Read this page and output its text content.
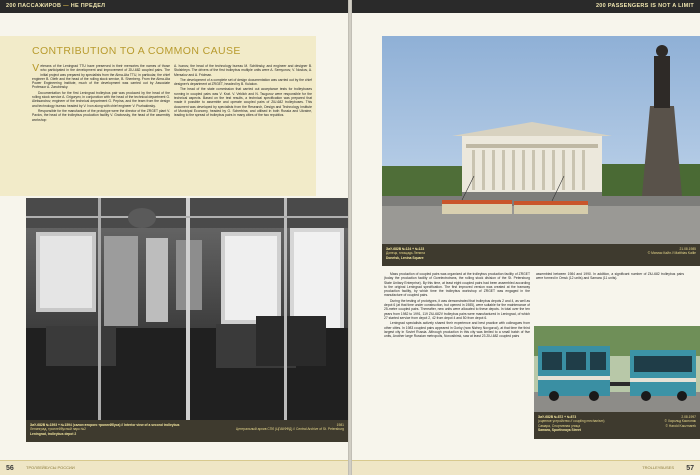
200 ПАССАЖИРОВ — НЕ ПРЕДЕЛ
CONTRIBUTION TO A COMMON CAUSE

Veterans of the Leningrad TTU have preserved in their memories the names of those who participated in the development and improvement of ZiU-682 coupled pairs. The initial project was prepared by specialists from the Alma-Ata TTU, in particular, the chief engineer B. Olefir and the head of the rolling stock service, B. Shenberg. From the Alma-Ata Power Engineering Institute, much of the development was carried out by Associate Professor A. Zarubinsky.

Documentation for the first Leningrad trolleybus pair was produced by the head of the rolling stock service A. Grigoryev, in conjunction with the head of the technical department G. Aleksandrov, engineer of the technical department G. Pepina, and the team from the design and technology bureau headed by V. Ivon along with chief engineer V. Pozhakinsky.

Responsible for the manufacture of the prototype were the director of the ZRGET plant V. Pavlov, the head of the trolleybus production facility V. Grabovsky, the head of the assembly workshop

A. Ivanov, the head of the technology bureau M. Schitinsky, and engineer and designer B. Stolshteyn. The drivers of the first trolleybus multiple units were A. Semyonov, V. Noskov, A. Mersalov and A. Fridman.

The development of a complete set of design documentation was carried out by the chief designer's department at ZRGET, headed by B. Kulakov.

The head of the state commission that carried out acceptance tests for trolleybuses running in coupled pairs was V. Krat. V. Veklich and N. Tsugurov were responsible for the technical aspects. Based on the test results, a technical specification was prepared that made it possible to assemble and operate coupled pairs of ZiU-682 trolleybuses. This document was developed by specialists from the Research, Design and Technology Institute of Municipal Economy, headed by G. Scherbina, and utilised in both Russia and Ukraine, leading to the spread of trolleybus pairs in many cities of the two republics.

ЗиУ-682В №1593 + №1594 (салон второго троллейбуса) // Interior view of a second trolleybus
Ленинград, троллейбусный парк №2
Leningrad, trolleybus depot 2
1981
Центральный архив СПб (ЦГАКФФД) // Central Archive of St. Petersburg
ТРОЛЛЕЙБУСЫ РОССИИ
56
200 PASSENGERS IS NOT A LIMIT
ЗиУ-682В №124 + №123
Донецк, площадь Ленина
Donetsk, Lenina Square
21.08.1985
© Матиас Кайл // Matthias Kaille

Mass production of coupled pairs was organized at the trolleybus production facility of ZRGET (today the production facility of Gorelectrotrans, the rolling stock division of the St. Petersburg State Unitary Enterprise). By this time, at least eight coupled pairs had been assembled according to the original Leningrad specification. The first improved version was created at the tramway production facility, by which time the trolleybus workshop of ZRGET was engaged in the manufacture of coupled pairs.

During the testing of prototypes, it was demonstrated that trolleybus depots 2 and 4, as well as depot 6 (at that time under construction, but opened in 1985), were suitable for the maintenance of 25-metre coupled pairs. Thereafter, new units were allocated to these depots. In total over the ten years from 1982 to 1991, 119 ZiU-682V trolleybus pairs were manufactured in Leningrad, of which 27 started service from depot 2, 42 from depot 4 and 50 from depot 6.

Leningrad specialists actively shared their experience and best practice with colleagues from other cities. In 1983 coupled pairs appeared in Gorky (now Nizhny Novgorod), at that time the third largest city in Soviet Russia. Although production in this city was limited to a small batch of five units, Another large Russian metropolis, Novosibirsk, saw at least 23 ZiU-682 coupled pairs

assembled between 1984 and 1990. In addition, a significant number of ZiU-682 trolleybus pairs were formed in Omsk (12 units) and Samara (11 units).

ЗиУ-682В №872 + №873
(сцепное устройство // coupling mechanism)
Самара, Спортивная улица
Samara, Sportivnaya Street
2.08.1997
© Харольд Каспоняк
© Harold Kaczmarek
TROLLEYBUSES 57
